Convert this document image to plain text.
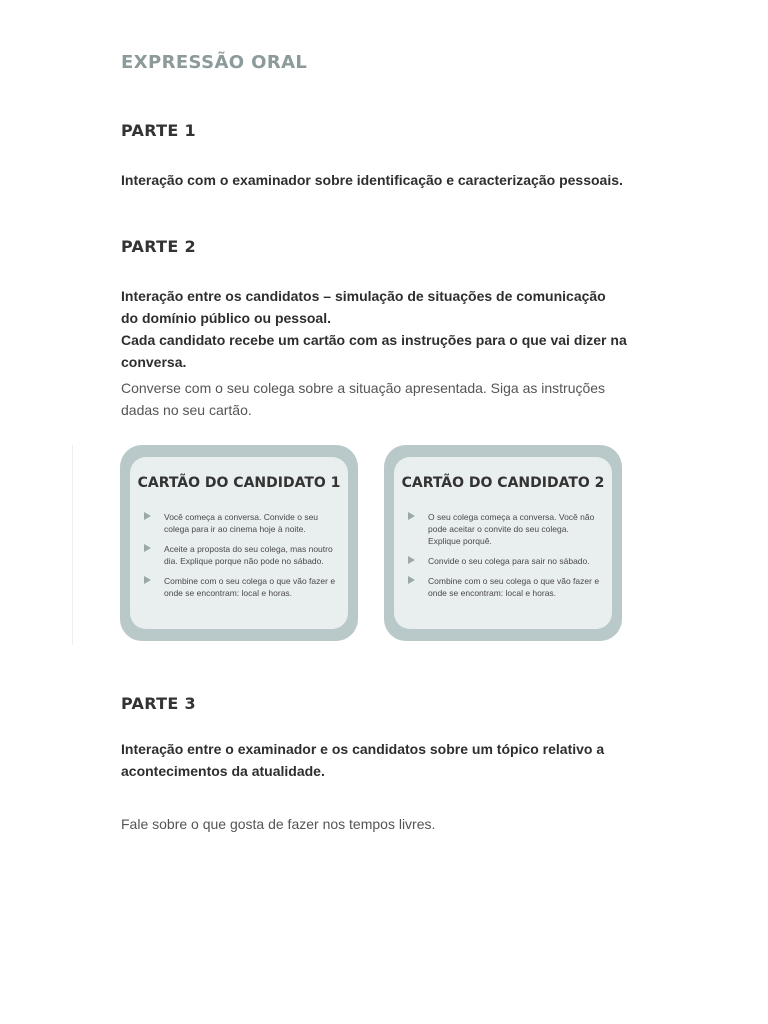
EXPRESSÃO ORAL
PARTE 1
Interação com o examinador sobre identificação e caracterização pessoais.
PARTE 2
Interação entre os candidatos – simulação de situações de comunicação do domínio público ou pessoal.
Cada candidato recebe um cartão com as instruções para o que vai dizer na conversa.
Converse com o seu colega sobre a situação apresentada. Siga as instruções dadas no seu cartão.
CARTÃO DO CANDIDATO 1
Você começa a conversa. Convide o seu colega para ir ao cinema hoje à noite.
Aceite a proposta do seu colega, mas noutro dia. Explique porque não pode no sábado.
Combine com o seu colega o que vão fazer e onde se encontram: local e horas.
CARTÃO DO CANDIDATO 2
O seu colega começa a conversa. Você não pode aceitar o convite do seu colega. Explique porquê.
Convide o seu colega para sair no sábado.
Combine com o seu colega o que vão fazer e onde se encontram: local e horas.
PARTE 3
Interação entre o examinador e os candidatos sobre um tópico relativo a acontecimentos da atualidade.
Fale sobre o que gosta de fazer nos tempos livres.
